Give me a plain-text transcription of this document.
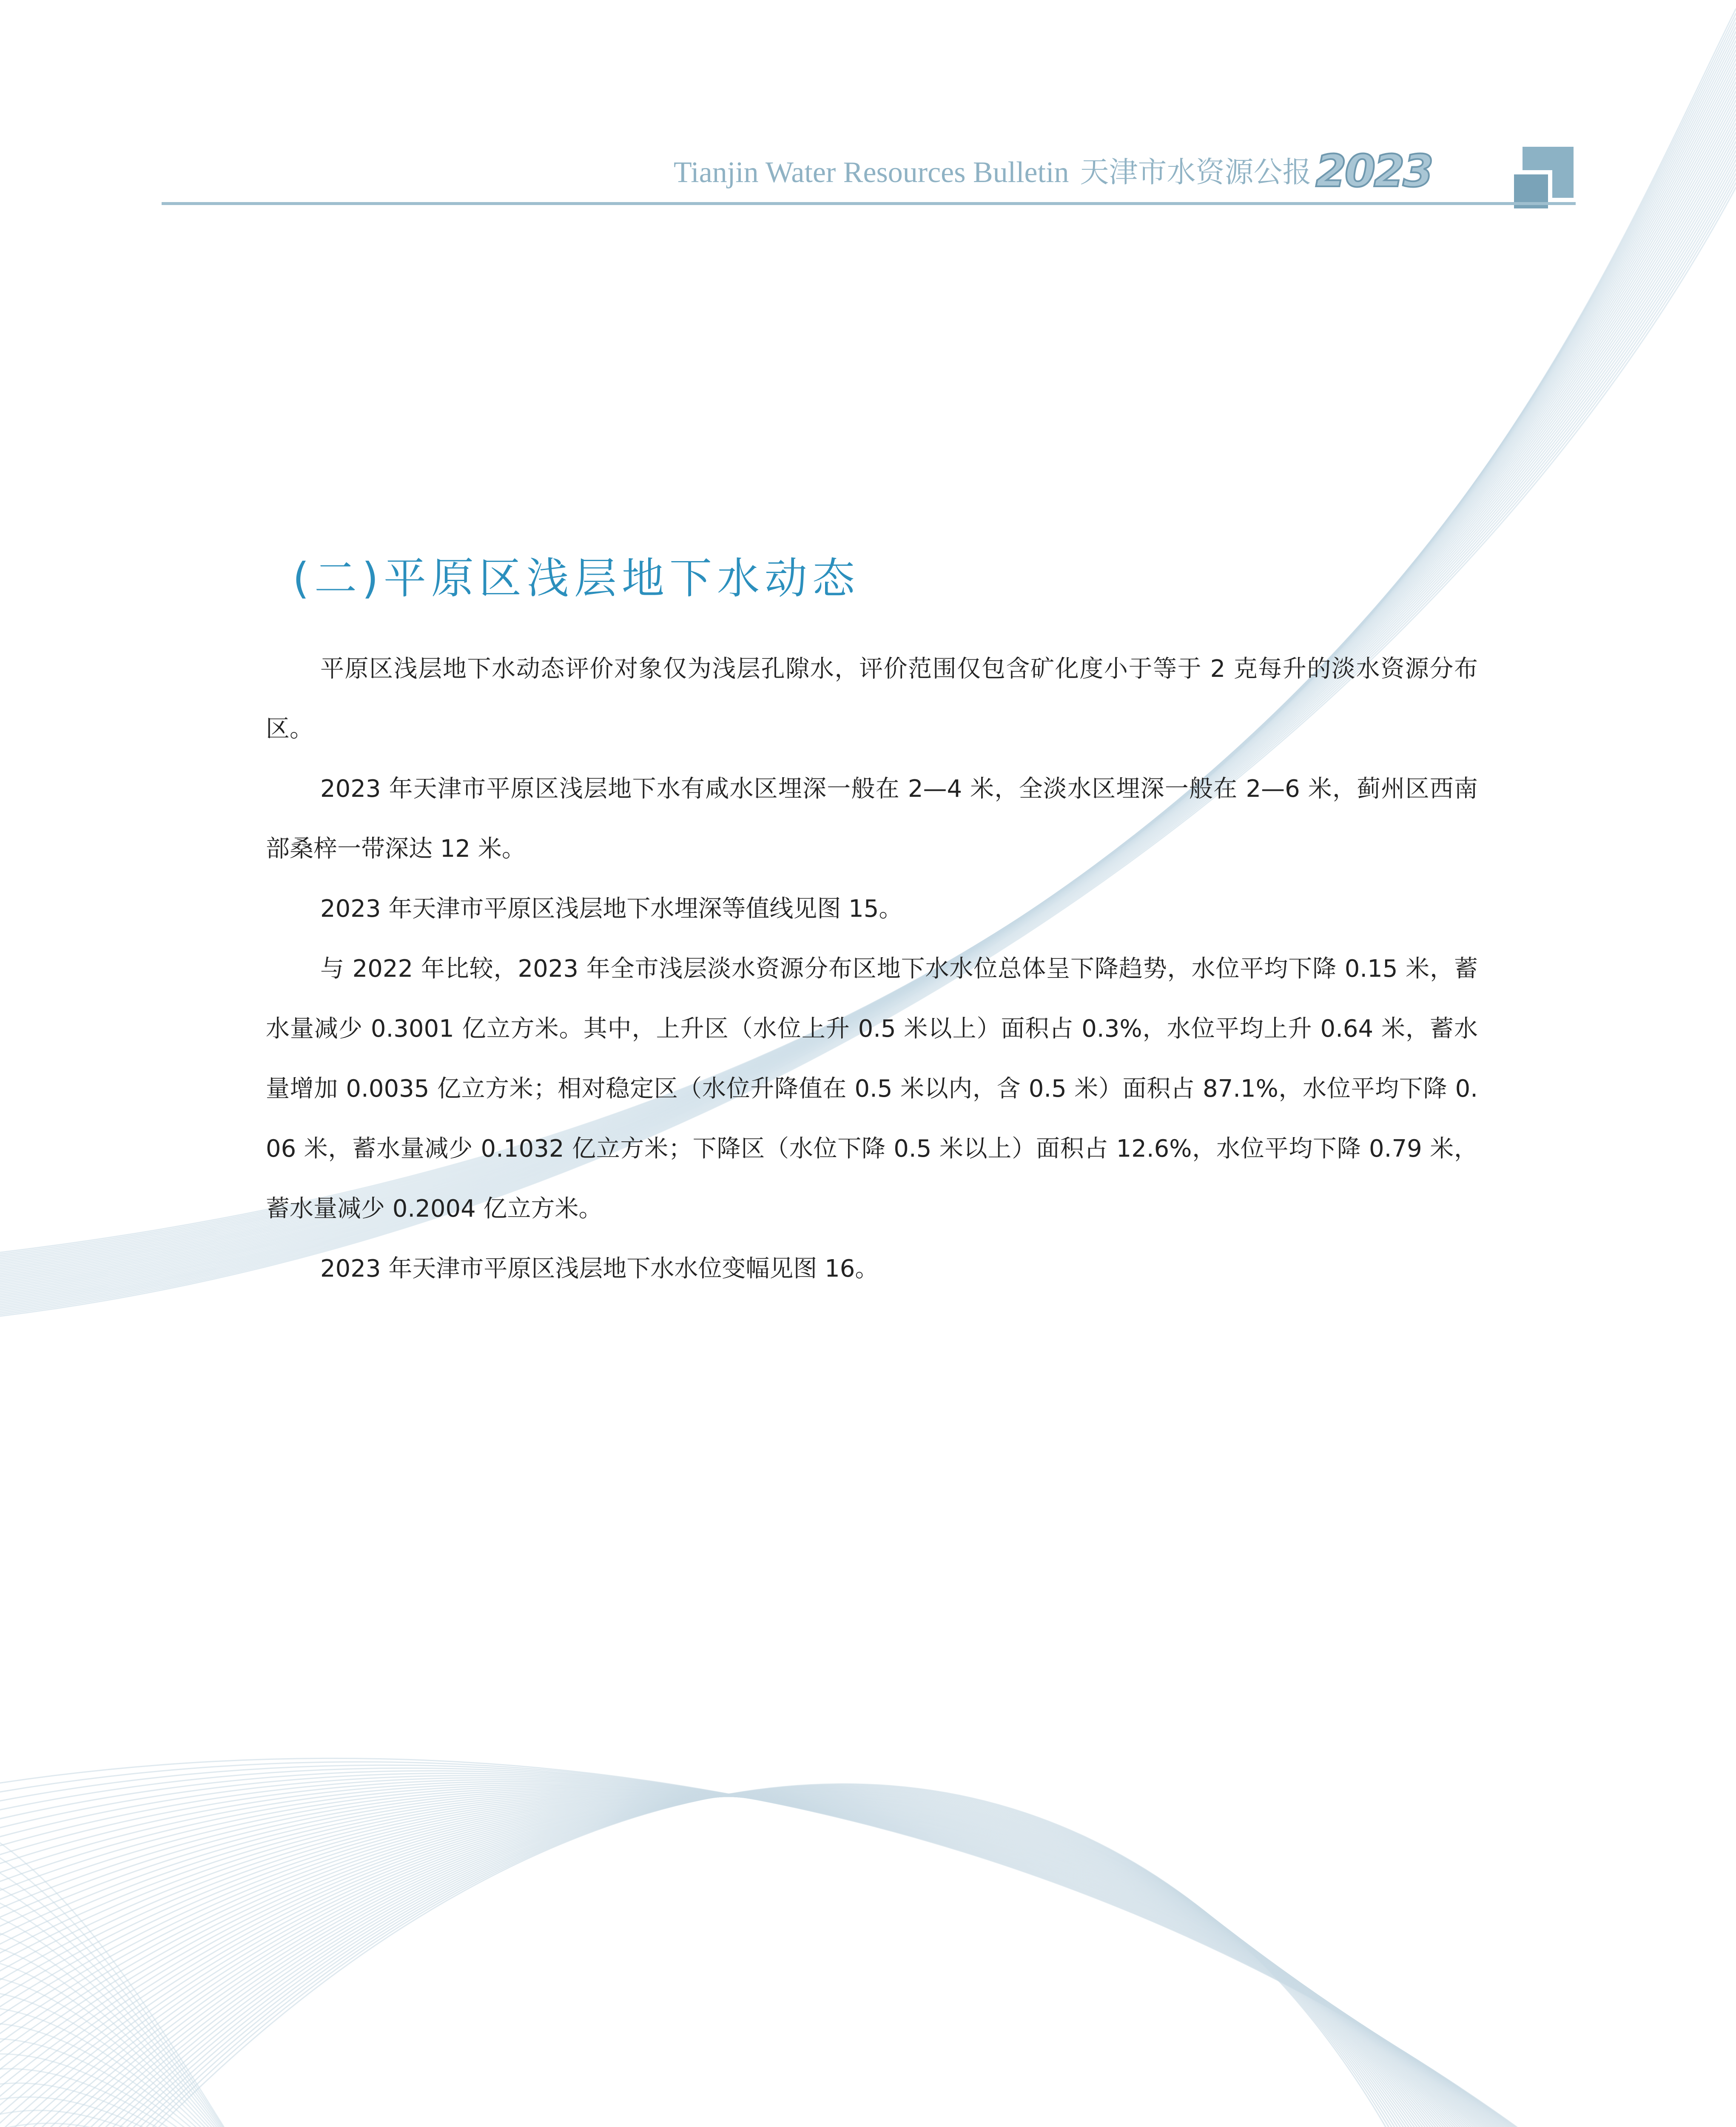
Tianjin Water Resources Bulletin 天津市水资源公报2023
(二)平原区浅层地下水动态

平原区浅层地下水动态评价对象仅为浅层孔隙水，评价范围仅包含矿化度小于等于 2 克每升的淡水资源分布区。

2023 年天津市平原区浅层地下水有咸水区埋深一般在 2—4 米，全淡水区埋深一般在 2—6 米，蓟州区西南部桑梓一带深达 12 米。

2023 年天津市平原区浅层地下水埋深等值线见图 15。

与 2022 年比较，2023 年全市浅层淡水资源分布区地下水水位总体呈下降趋势，水位平均下降 0.15 米，蓄水量减少 0.3001 亿立方米。其中，上升区（水位上升 0.5 米以上）面积占 0.3%，水位平均上升 0.64 米，蓄水量增加 0.0035 亿立方米；相对稳定区（水位升降值在 0.5 米以内，含 0.5 米）面积占 87.1%，水位平均下降 0.06 米，蓄水量减少 0.1032 亿立方米；下降区（水位下降 0.5 米以上）面积占 12.6%，水位平均下降 0.79 米，蓄水量减少 0.2004 亿立方米。

2023 年天津市平原区浅层地下水水位变幅见图 16。
